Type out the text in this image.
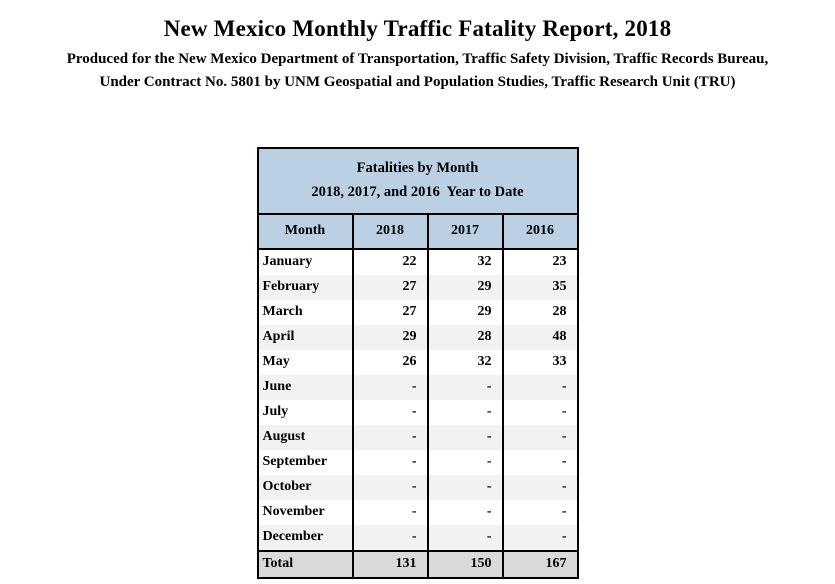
New Mexico Monthly Traffic Fatality Report, 2018
Produced for the New Mexico Department of Transportation, Traffic Safety Division, Traffic Records Bureau,
Under Contract No. 5801 by UNM Geospatial and Population Studies, Traffic Research Unit (TRU)
Fatalities by Month
2018, 2017, and 2016  Year to Date			
Month	2018	2017	2016
January	22	32	23
February	27	29	35
March	27	29	28
April	29	28	48
May	26	32	33
June	-	-	-
July	-	-	-
August	-	-	-
September	-	-	-
October	-	-	-
November	-	-	-
December	-	-	-
Total	131	150	167
